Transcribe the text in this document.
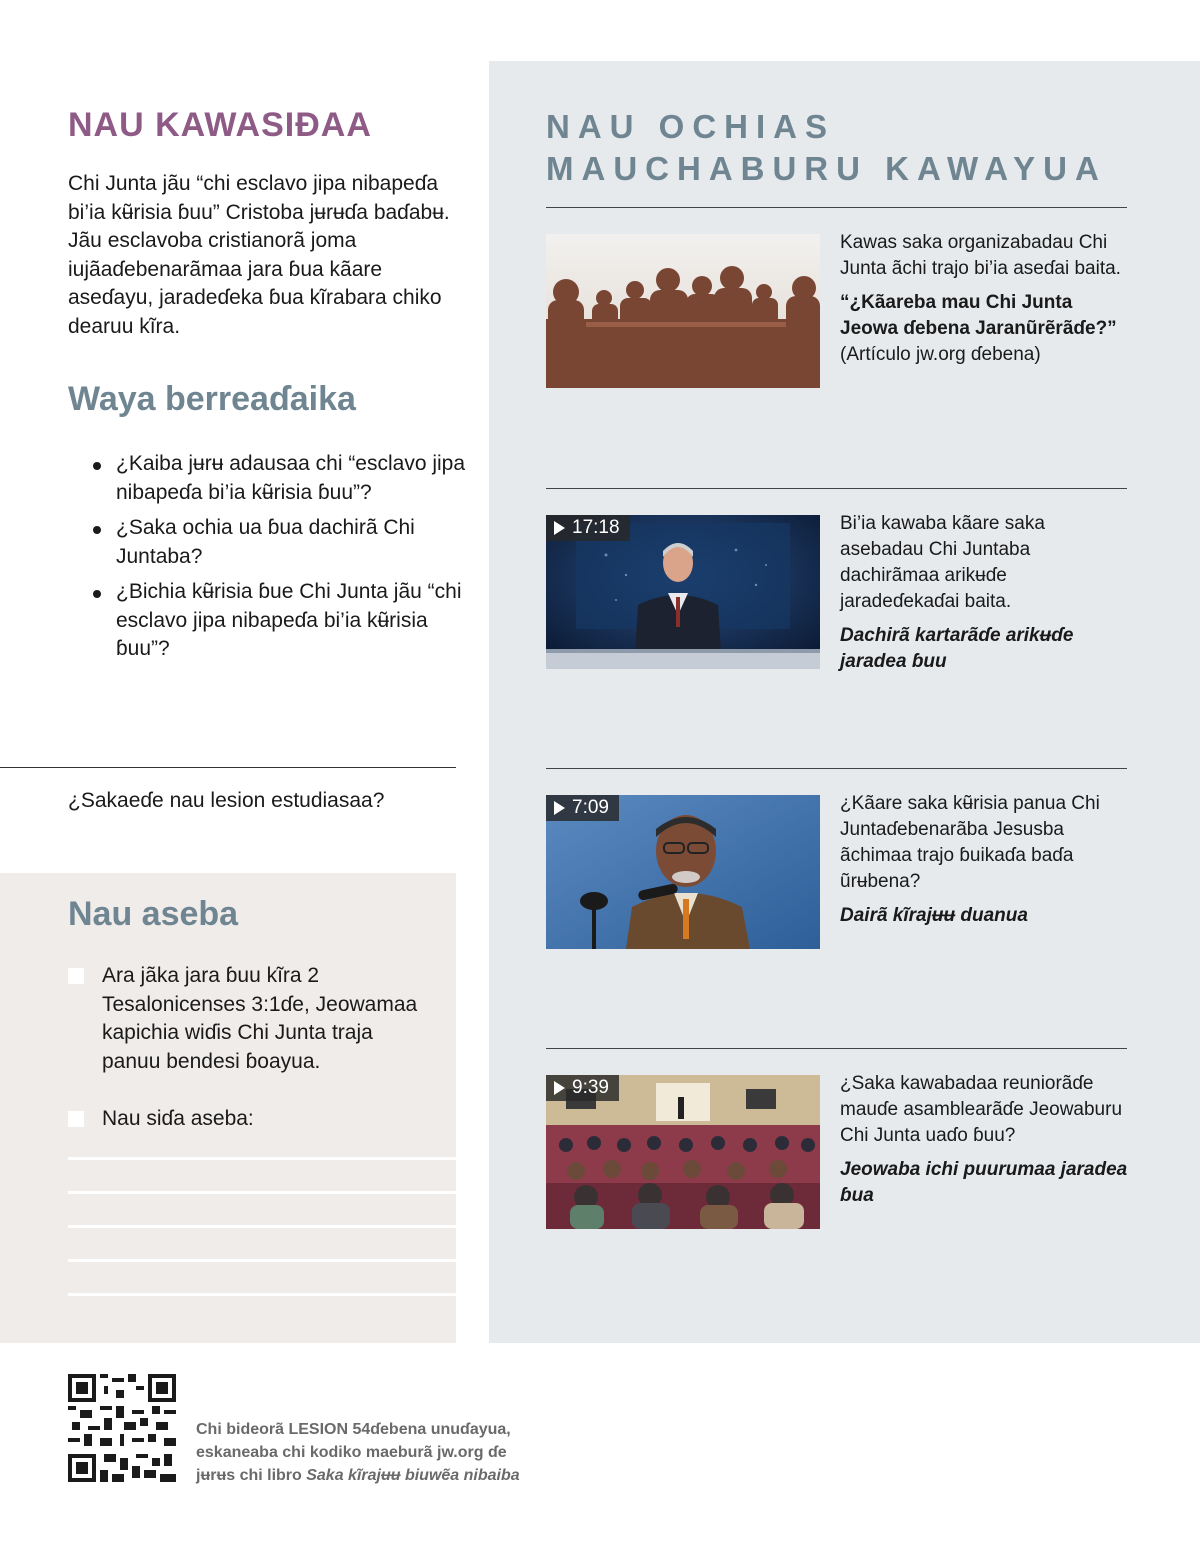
NAU KAWASIƉAA
Chi Junta jãu “chi esclavo jipa nibapeɗa bi’ia kʉ̃risia ɓuu” Cristoba jʉrʉɗa baɗabʉ. Jãu esclavoba cristianorã joma iujãaɗebenarãmaa jara ɓua kãare aseɗayu, jaradeɗeka ɓua kĩrabara chiko dearuu kĩra.
Waya berreaɗaika
¿Kaiba jʉrʉ adausaa chi “esclavo jipa nibapeɗa bi’ia kʉ̃risia ɓuu”?
¿Saka ochia ua ɓua dachirã Chi Juntaba?
¿Bichia kʉ̃risia ɓue Chi Junta jãu “chi esclavo jipa nibapeɗa bi’ia kʉ̃risia ɓuu”?
¿Sakaeɗe nau lesion estudiasaa?
Nau aseba
Ara jãka jara ɓuu kĩra 2 Tesalonicenses 3:1ɗe, Jeowamaa kapichia wiɗis Chi Junta traja panuu bendesi ɓoayua.
Nau siɗa aseba:
NAU OCHIAS MAUCHABURU KAWAYUA
Kawas saka organizabadau Chi Junta ãchi trajo bi’ia aseɗai baita.
“¿Kãareba mau Chi Junta Jeowa ɗebena Jaranũrẽrãɗe?”
(Artículo jw.org ɗebena)
17:18	Bi’ia kawaba kãare saka asebadau Chi Juntaba dachirãmaa arikʉɗe jaradeɗekaɗai baita.
Dachirã kartarãɗe arikʉɗe jaradea ɓuu
7:09	¿Kãare saka kʉ̃risia panua Chi Juntaɗebenarãba Jesusba ãchimaa trajo ɓuikaɗa baɗa ũrʉbena?
Dairã kĩrajʉʉ duanua
9:39	¿Saka kawabadaa reuniorãɗe mauɗe asamblearãɗe Jeowaburu Chi Junta uaɗo ɓuu?
Jeowaba ichi puurumaa jaradea ɓua
Chi bideorã LESION 54ɗebena unuɗayua,
eskaneaba chi kodiko maeburã jw.org ɗe
jʉrʉs chi libro Saka kĩrajʉʉ biuwẽa nibaiba
